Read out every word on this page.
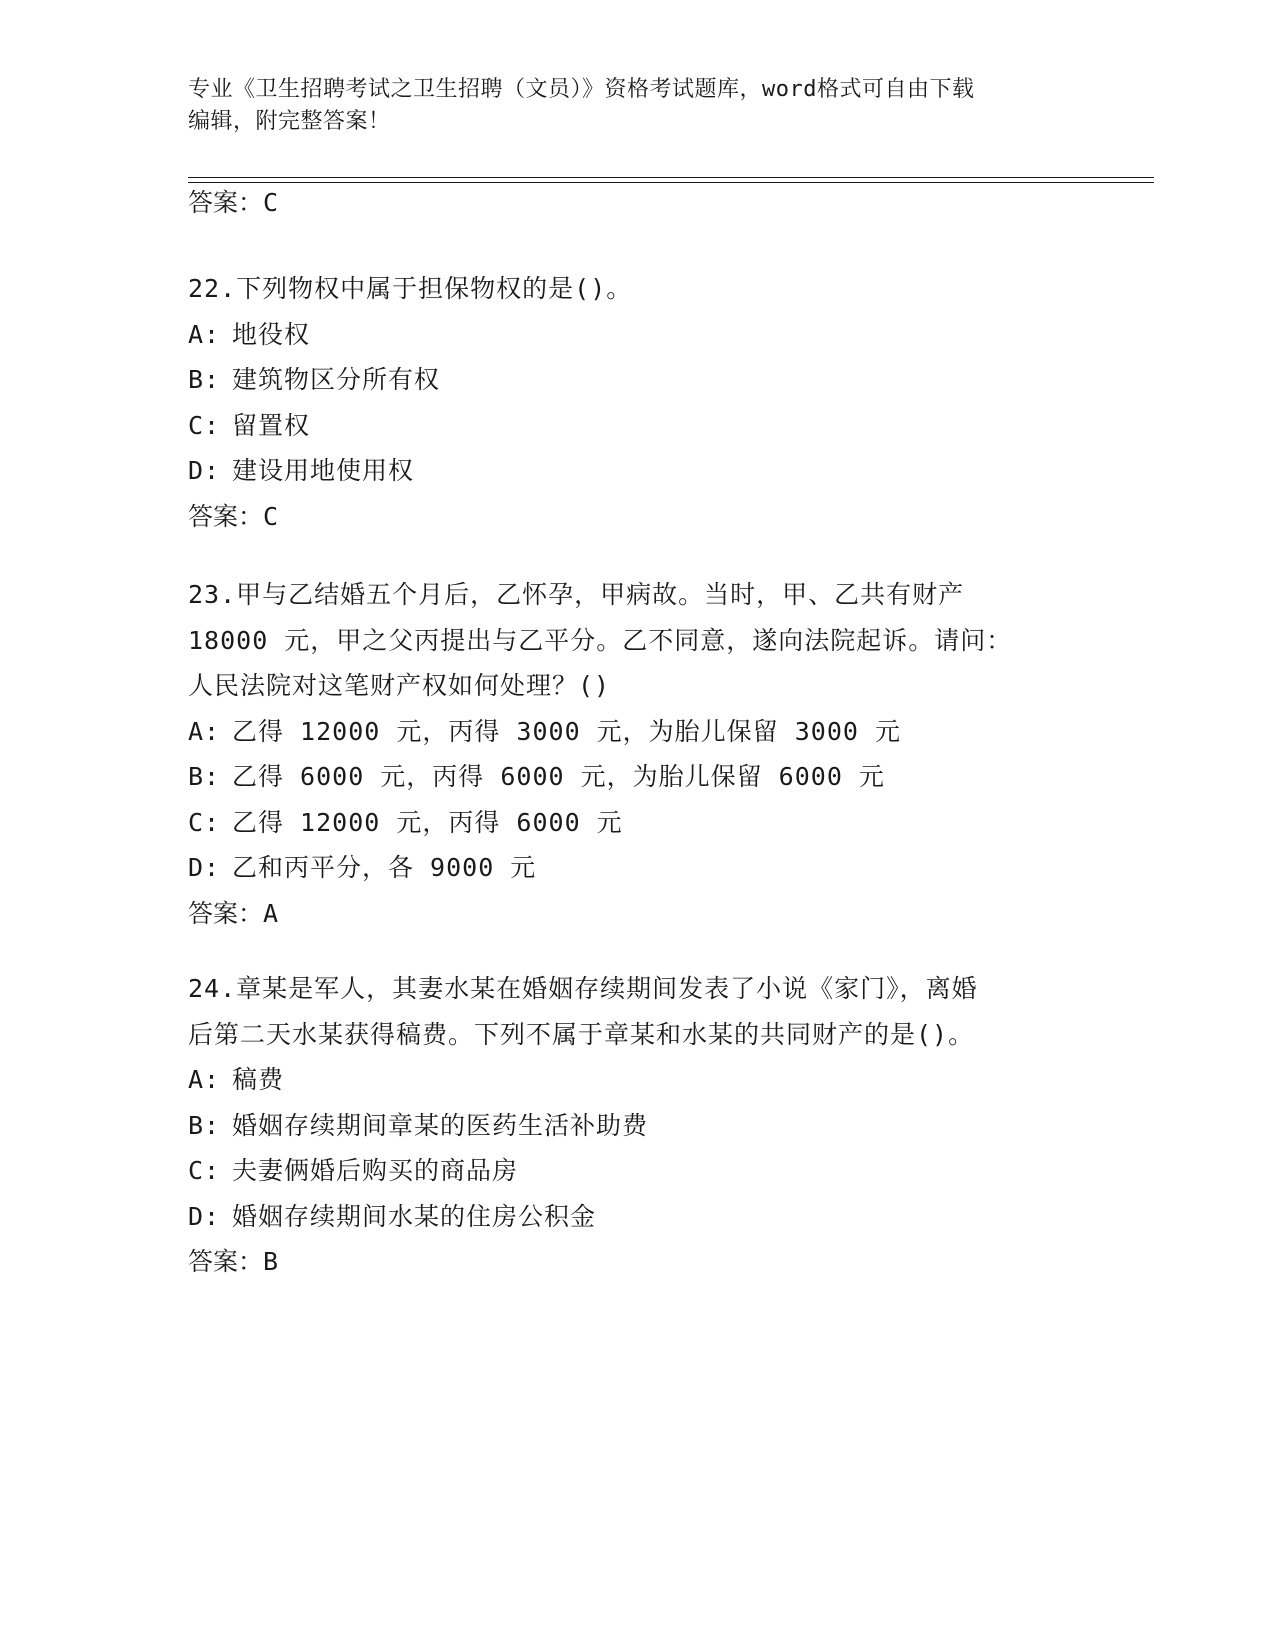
专业《卫生招聘考试之卫生招聘（文员）》资格考试题库，word格式可自由下载
编辑，附完整答案！
答案：C
22.下列物权中属于担保物权的是()。
A: 地役权
B: 建筑物区分所有权
C: 留置权
D: 建设用地使用权
答案：C
23.甲与乙结婚五个月后，乙怀孕，甲病故。当时，甲、乙共有财产
18000 元，甲之父丙提出与乙平分。乙不同意，遂向法院起诉。请问：
人民法院对这笔财产权如何处理？()
A: 乙得 12000 元，丙得 3000 元，为胎儿保留 3000 元
B: 乙得 6000 元，丙得 6000 元，为胎儿保留 6000 元
C: 乙得 12000 元，丙得 6000 元
D: 乙和丙平分，各 9000 元
答案：A
24.章某是军人，其妻水某在婚姻存续期间发表了小说《家门》，离婚
后第二天水某获得稿费。下列不属于章某和水某的共同财产的是()。
A: 稿费
B: 婚姻存续期间章某的医药生活补助费
C: 夫妻俩婚后购买的商品房
D: 婚姻存续期间水某的住房公积金
答案：B
